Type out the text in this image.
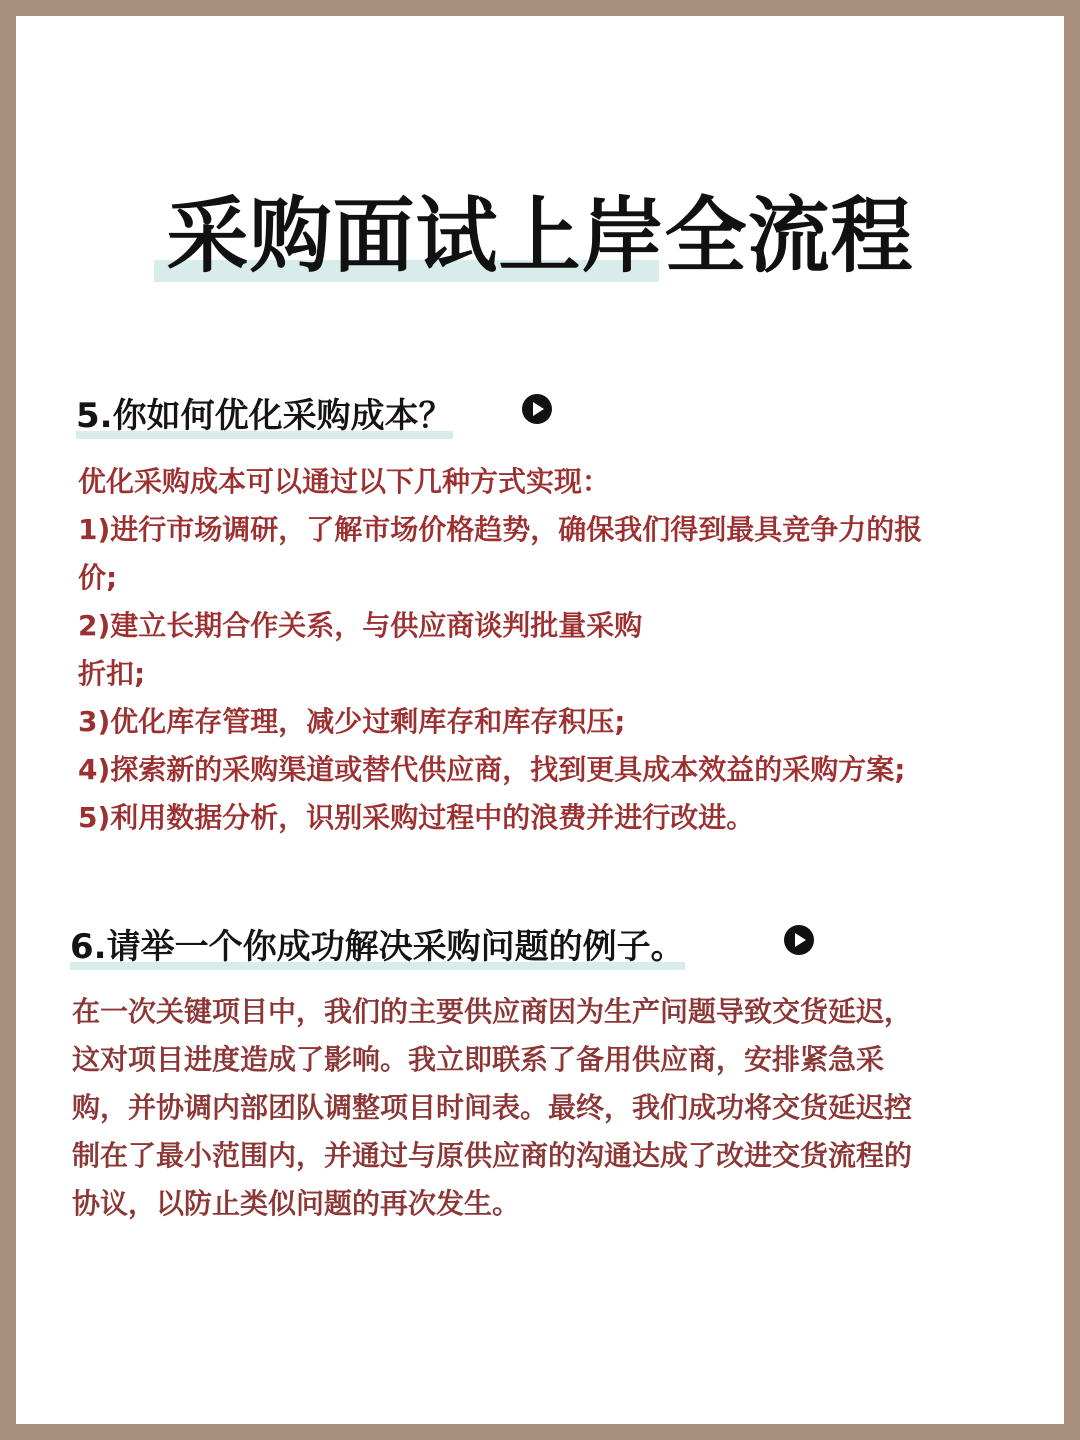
采购面试上岸全流程
5.你如何优化采购成本？

优化采购成本可以通过以下几种方式实现：

1)进行市场调研，了解市场价格趋势，确保我们得到最具竞争力的报

价;

2)建立长期合作关系，与供应商谈判批量采购

折扣;

3)优化库存管理，减少过剩库存和库存积压;

4)探索新的采购渠道或替代供应商，找到更具成本效益的采购方案;

5)利用数据分析，识别采购过程中的浪费并进行改进。

6.请举一个你成功解决采购问题的例子。

在一次关键项目中，我们的主要供应商因为生产问题导致交货延迟，

这对项目进度造成了影响。我立即联系了备用供应商，安排紧急采

购，并协调内部团队调整项目时间表。最终，我们成功将交货延迟控

制在了最小范围内，并通过与原供应商的沟通达成了改进交货流程的

协议，以防止类似问题的再次发生。
